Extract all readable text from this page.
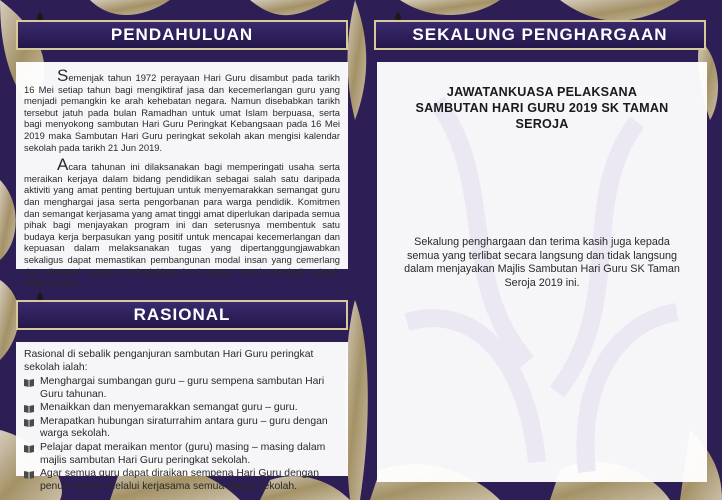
PENDAHULUAN

Semenjak tahun 1972 perayaan Hari Guru disambut pada tarikh 16 Mei setiap tahun bagi mengiktiraf jasa dan kecemerlangan guru yang menjadi pemangkin ke arah kehebatan negara. Namun disebabkan tarikh tersebut jatuh pada bulan Ramadhan untuk umat Islam berpuasa, serta bagi menyokong sambutan Hari Guru Peringkat Kebangsaan pada 16 Mei 2019 maka Sambutan Hari Guru peringkat sekolah akan mengisi kalendar sekolah pada tarikh 21 Jun 2019.

Acara tahunan ini dilaksanakan bagi memperingati usaha serta meraikan kerjaya dalam bidang pendidikan sebagai salah satu daripada aktiviti yang amat penting bertujuan untuk menyemarakkan semangat guru dan menghargai jasa serta pengorbanan para warga pendidik. Komitmen dan semangat kerjasama yang amat tinggi amat diperlukan daripada semua pihak bagi menjayakan program ini dan seterusnya membentuk satu budaya kerja berpasukan yang positif untuk mencapai kecemerlangan dan kepuasan dalam melaksanakan tugas yang dipertanggungjawabkan sekaligus dapat memastikan pembangunan modal insan yang cemerlang dan disegani mampu melonjakkan imej negara untuk menjadi sebuah negara maju.

RASIONAL
Rasional di sebalik penganjuran sambutan Hari Guru peringkat sekolah ialah:
Menghargai sumbangan guru – guru sempena sambutan Hari Guru tahunan.
Menaikkan dan menyemarakkan semangat guru – guru.
Merapatkan hubungan siraturrahim antara guru – guru dengan warga sekolah.
Pelajar dapat meraikan mentor (guru) masing – masing dalam majlis sambutan Hari Guru peringkat sekolah.
Agar semua guru dapat diraikan sempena Hari Guru dengan penuh meriah melalui kerjasama semua warga sekolah.
SEKALUNG PENGHARGAAN
JAWATANKUASA PELAKSANA
SAMBUTAN HARI GURU 2019 SK TAMAN SEROJA
Sekalung penghargaan dan terima kasih juga kepada semua yang terlibat secara langsung dan tidak langsung dalam menjayakan Majlis Sambutan Hari Guru SK Taman Seroja 2019 ini.
